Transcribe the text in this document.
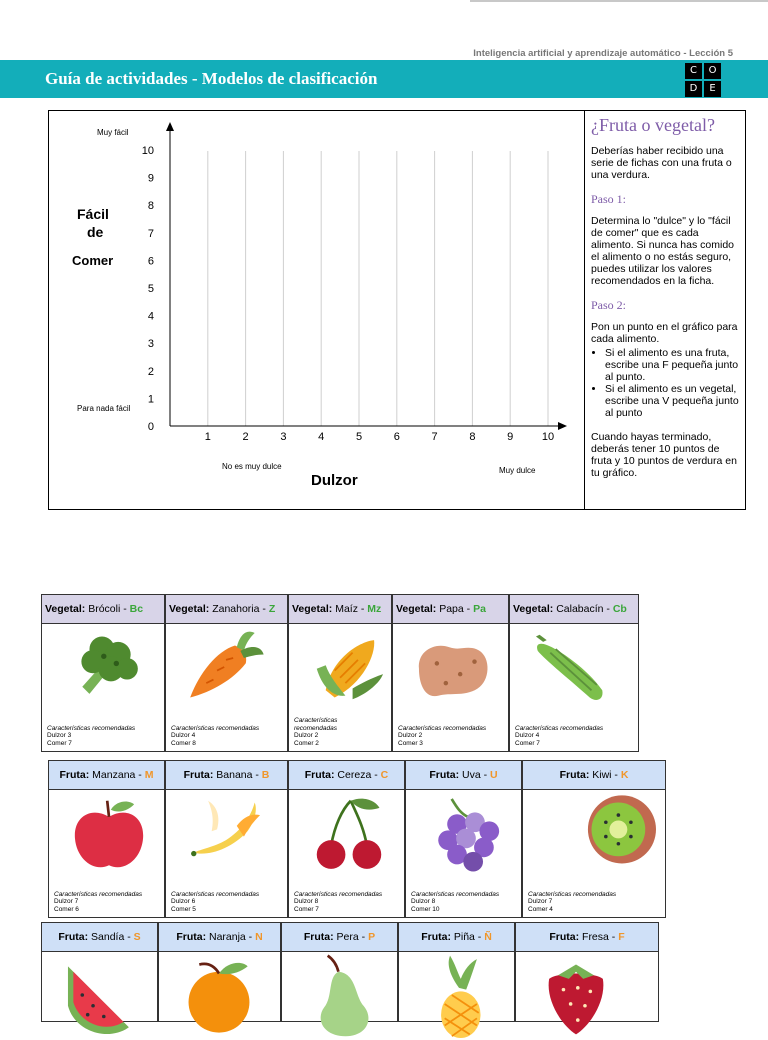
Inteligencia artificial y aprendizaje automático - Lección 5
Guía de actividades - Modelos de clasificación	C	O
D	E
1	2	3	4	5	6	7	8	9	10
0
1
2
3
4
5
6
7
8
9
10
Muy fácil
Para nada fácil
Fácil
de
Comer
No es muy dulce	Muy dulce
Dulzor
¿Fruta o vegetal?

Deberías haber recibido una serie de fichas con una fruta o una verdura.

Paso 1:

Determina lo "dulce" y lo "fácil de comer" que es cada alimento. Si nunca has comido el alimento o no estás seguro, puedes utilizar los valores recomendados en la ficha.

Paso 2:

Pon un punto en el gráfico para cada alimento.

• Si el alimento es una fruta, escribe una F pequeña junto al punto.
• Si el alimento es un vegetal, escribe una V pequeña junto al punto

Cuando hayas terminado, deberás tener 10 puntos de fruta y 10 puntos de verdura en tu gráfico.

Vegetal: Brócoli - Bc
Características recomendadas
Dulzor 3
Comer 7
Vegetal: Zanahoria - Z
Características recomendadas
Dulzor 4
Comer 8
Vegetal: Maíz - Mz
Características recomendadas
Dulzor 2
Comer 2
Vegetal: Papa - Pa
Características recomendadas
Dulzor 2
Comer 3
Vegetal: Calabacín - Cb
Características recomendadas
Dulzor 4
Comer 7
Fruta: Manzana - M
Características recomendadas
Dulzor 7
Comer 6
Fruta: Banana - B
Características recomendadas
Dulzor 6
Comer 5
Fruta: Cereza - C
Características recomendadas
Dulzor 8
Comer 7
Fruta: Uva - U
Características recomendadas
Dulzor 8
Comer 10
Fruta: Kiwi - K
Características recomendadas
Dulzor 7
Comer 4
Fruta: Sandía - S	Fruta: Naranja - N	Fruta: Pera - P	Fruta: Piña - Ñ	Fruta: Fresa - F
